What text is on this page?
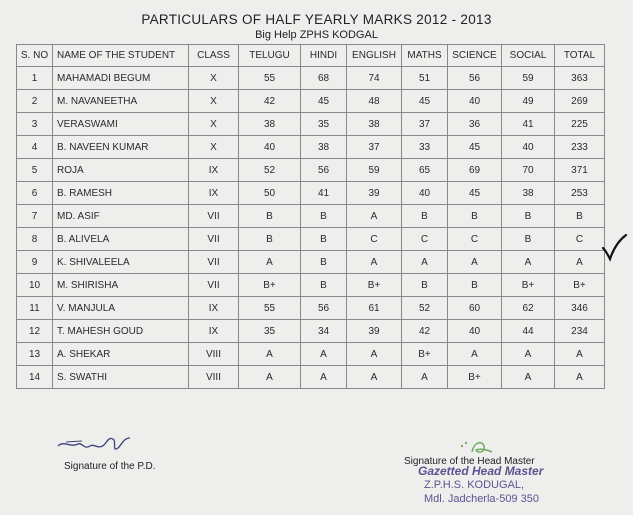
PARTICULARS OF HALF YEARLY MARKS 2012 - 2013
Big Help ZPHS KODGAL
S. NO	NAME OF THE STUDENT	CLASS	TELUGU	HINDI	ENGLISH	MATHS	SCIENCE	SOCIAL	TOTAL
1	MAHAMADI BEGUM	X	55	68	74	51	56	59	363
2	M. NAVANEETHA	X	42	45	48	45	40	49	269
3	VERASWAMI	X	38	35	38	37	36	41	225
4	B. NAVEEN KUMAR	X	40	38	37	33	45	40	233
5	ROJA	IX	52	56	59	65	69	70	371
6	B. RAMESH	IX	50	41	39	40	45	38	253
7	MD. ASIF	VII	B	B	A	B	B	B	B
8	B. ALIVELA	VII	B	B	C	C	C	B	C
9	K. SHIVALEELA	VII	A	B	A	A	A	A	A
10	M. SHIRISHA	VII	B+	B	B+	B	B	B+	B+
11	V. MANJULA	IX	55	56	61	52	60	62	346
12	T. MAHESH GOUD	IX	35	34	39	42	40	44	234
13	A. SHEKAR	VIII	A	A	A	B+	A	A	A
14	S. SWATHI	VIII	A	A	A	A	B+	A	A
Signature of the P.D.	Signature of the Head Master
Gazetted Head Master
Z.P.H.S. KODUGAL,
Mdl. Jadcherla-509 350
